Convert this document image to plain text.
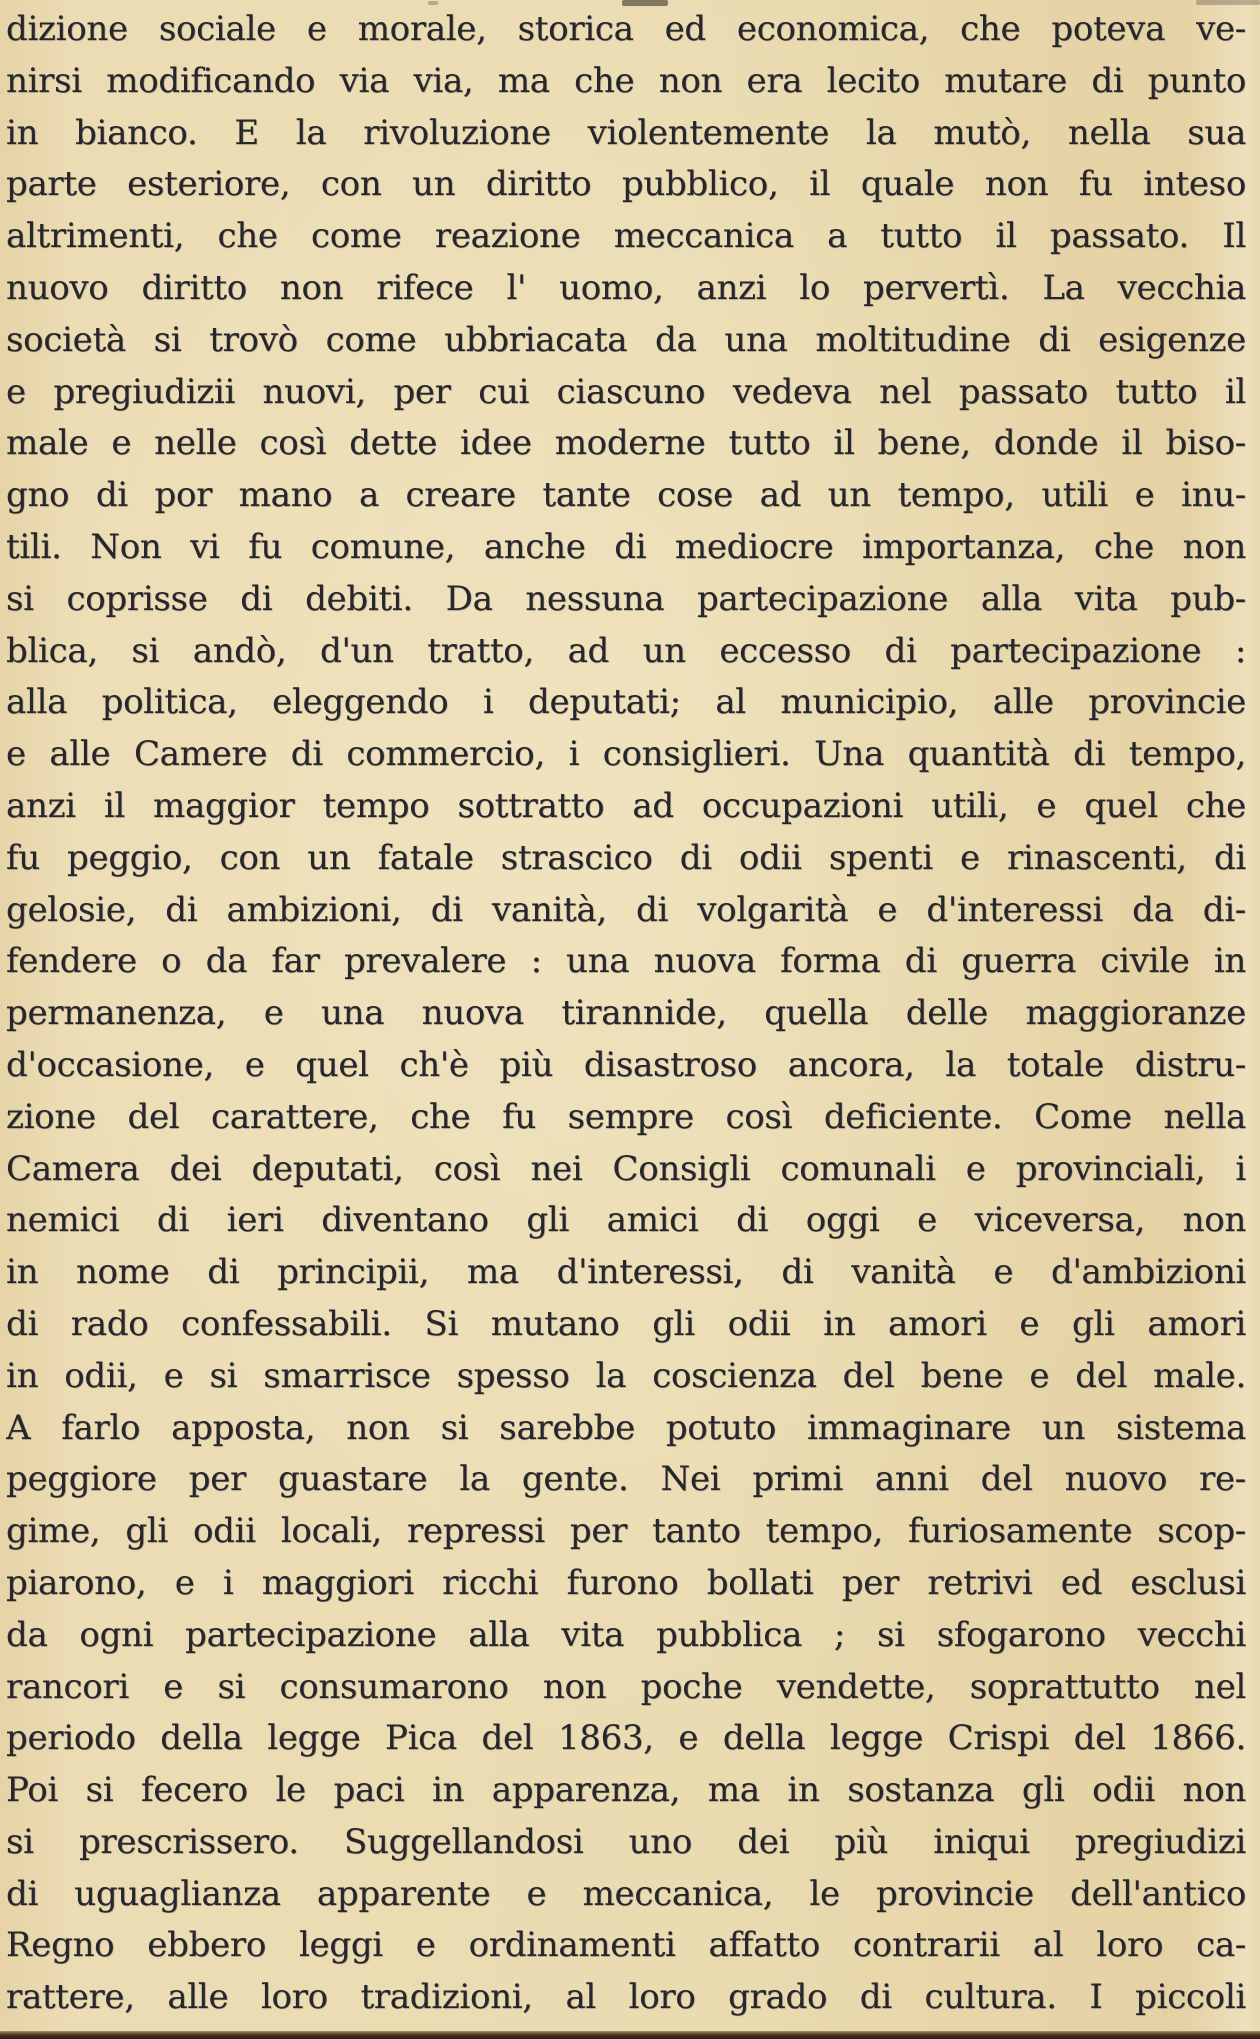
dizione sociale e morale, storica ed economica, che poteva ve-
nirsi modificando via via, ma che non era lecito mutare di punto
in bianco. E la rivoluzione violentemente la mutò, nella sua
parte esteriore, con un diritto pubblico, il quale non fu inteso
altrimenti, che come reazione meccanica a tutto il passato. Il
nuovo diritto non rifece l' uomo, anzi lo pervertì. La vecchia
società si trovò come ubbriacata da una moltitudine di esigenze
e pregiudizii nuovi, per cui ciascuno vedeva nel passato tutto il
male e nelle così dette idee moderne tutto il bene, donde il biso-
gno di por mano a creare tante cose ad un tempo, utili e inu-
tili. Non vi fu comune, anche di mediocre importanza, che non
si coprisse di debiti. Da nessuna partecipazione alla vita pub-
blica, si andò, d'un tratto, ad un eccesso di partecipazione :
alla politica, eleggendo i deputati; al municipio, alle provincie
e alle Camere di commercio, i consiglieri. Una quantità di tempo,
anzi il maggior tempo sottratto ad occupazioni utili, e quel che
fu peggio, con un fatale strascico di odii spenti e rinascenti, di
gelosie, di ambizioni, di vanità, di volgarità e d'interessi da di-
fendere o da far prevalere : una nuova forma di guerra civile in
permanenza, e una nuova tirannide, quella delle maggioranze
d'occasione, e quel ch'è più disastroso ancora, la totale distru-
zione del carattere, che fu sempre così deficiente. Come nella
Camera dei deputati, così nei Consigli comunali e provinciali, i
nemici di ieri diventano gli amici di oggi e viceversa, non
in nome di principii, ma d'interessi, di vanità e d'ambizioni
di rado confessabili. Si mutano gli odii in amori e gli amori
in odii, e si smarrisce spesso la coscienza del bene e del male.
A farlo apposta, non si sarebbe potuto immaginare un sistema
peggiore per guastare la gente. Nei primi anni del nuovo re-
gime, gli odii locali, repressi per tanto tempo, furiosamente scop-
piarono, e i maggiori ricchi furono bollati per retrivi ed esclusi
da ogni partecipazione alla vita pubblica ; si sfogarono vecchi
rancori e si consumarono non poche vendette, soprattutto nel
periodo della legge Pica del 1863, e della legge Crispi del 1866.
Poi si fecero le paci in apparenza, ma in sostanza gli odii non
si prescrissero. Suggellandosi uno dei più iniqui pregiudizi
di uguaglianza apparente e meccanica, le provincie dell'antico
Regno ebbero leggi e ordinamenti affatto contrarii al loro ca-
rattere, alle loro tradizioni, al loro grado di cultura. I piccoli
